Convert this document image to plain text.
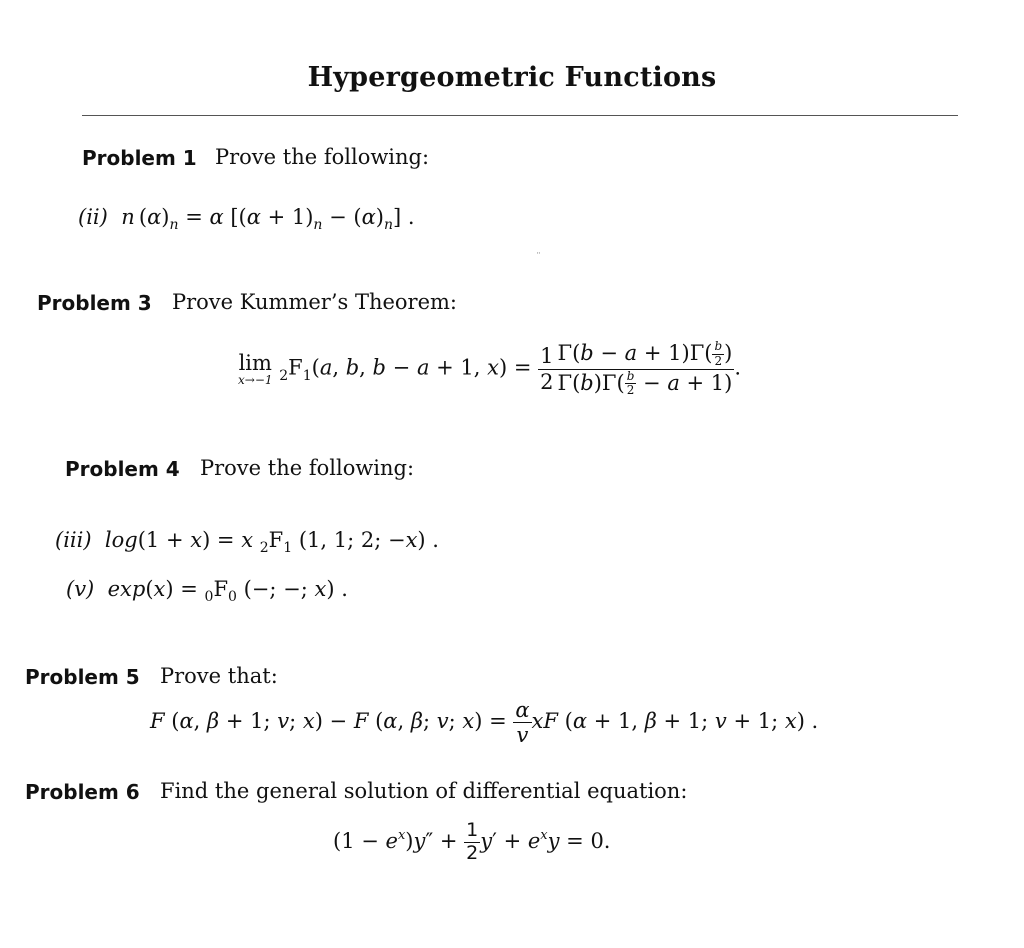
Hypergeometric Functions
Problem 1 Prove the following:
(ii) n $(\alpha)_n = \alpha$ $[(\alpha + 1)_n - (\alpha)_n]$ .
¨
Problem 3 Prove Kummer’s Theorem:
lim
x→−1 $_2F_1(a$, b, b − a + 1, $x) = \frac{1}{2} \frac{\Gamma(b - a + 1)\Gamma( \frac{b}{2} )}{\Gamma(b)\Gamma( \frac{b}{2} - a + 1)}$ .
Problem 4 Prove the following:
(iii) log(1 + x) = x $_2F_1$ (1, 1; 2; −x) .
(v) $\exp(x) = _0F_0$ (−; −; x) .
Problem 5 Prove that:
F (α, β + 1; v; x) − F (α, β; v; $x) = \frac{\alpha}{v}$ xF (α + 1, β + 1; v + 1; x) .
Problem 6 Find the general solution of differential equation:
$(1 - e^x)y'' + \frac{1}{2} y' + e^xy = 0$.
